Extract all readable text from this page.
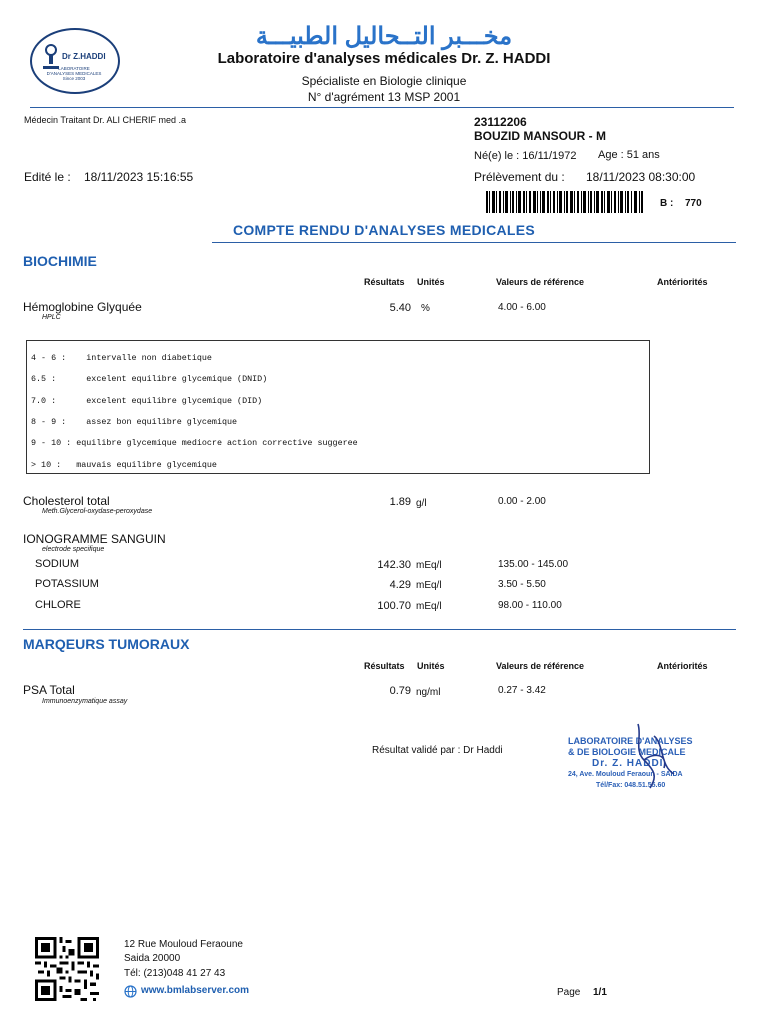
Dr Z.HADDI
LABORATOIRE D'ANALYSES MEDICALES Since 2003
مخـــبر التــحاليل الطبيـــة
Laboratoire d'analyses médicales Dr. Z. HADDI
Spécialiste en Biologie clinique
N° d'agrément 13 MSP 2001
Médecin Traitant Dr. ALI CHERIF med .a	23112206
BOUZID MANSOUR - M
Né(e) le : 16/11/1972 Age : 51 ans
Edité le : 18/11/2023 15:16:55	Prélèvement du : 18/11/2023 08:30:00
B : 770
COMPTE RENDU D'ANALYSES MEDICALES
BIOCHIMIE
Résultats Unités	Valeurs de référence	Antériorités
Hémoglobine Glyquée
HPLC
5.40 %	4.00 - 6.00

4 - 6 :    intervalle non diabetique

6.5 :      excelent equilibre glycemique (DNID)

7.0 :      excelent equilibre glycemique (DID)

8 - 9 :    assez bon equilibre glycemique

9 - 10 : equilibre glycemique mediocre action corrective suggeree

> 10 :   mauvais equilibre glycemique

Cholesterol total
Meth.Glycerol-oxydase-peroxydase
1.89 g/l	0.00 - 2.00
IONOGRAMME SANGUIN
electrode specifique
SODIUM	142.30 mEq/l	135.00 - 145.00
POTASSIUM	4.29 mEq/l	3.50 - 5.50
CHLORE	100.70 mEq/l	98.00 - 110.00
MARQEURS TUMORAUX
Résultats Unités	Valeurs de référence	Antériorités
PSA Total
Immunoenzymatique assay
0.79 ng/ml	0.27 - 3.42
Résultat validé par : Dr Haddi
LABORATOIRE D'ANALYSES
& DE BIOLOGIE MEDICALE
Dr. Z. HADDI
24, Ave. Mouloud Feraoun - SAIDA
Tél/Fax: 048.51.55.60
12 Rue Mouloud Feraoune
Saida 20000
Tél: (213)048 41 27 43
www.bmlabserver.com	Page 1/1
